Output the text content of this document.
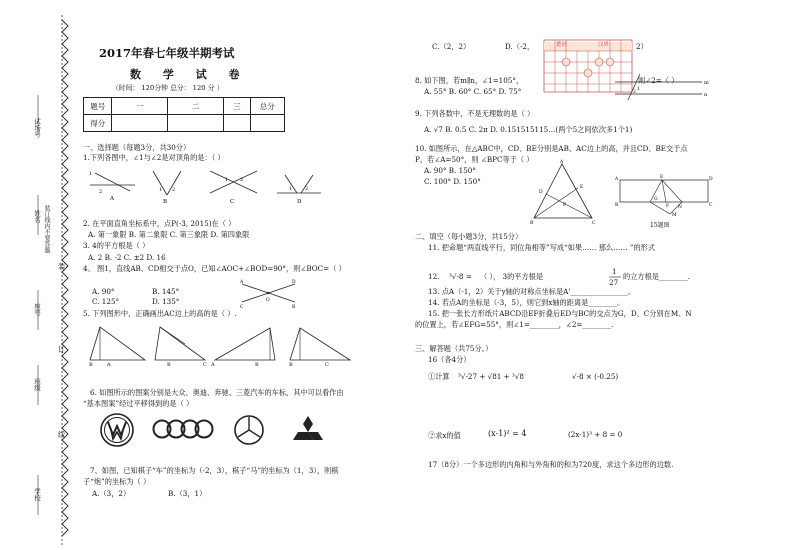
试场号
姓名 装订线内不要答题
座号
班级
学校
装
订
线
2017年春七年级半期考试
数 学 试 卷
（时间： 120分钟 总分： 120 分 ）
题号	一	二	三	总分
得分				
一、选择题（每题3分，共30分）
1.下列各图中，∠1与∠2是对顶角的是：（ ）
1
2
A
1 2
B
1 2
C
1	2
D
2. 在平面直角坐标系中，点P(-3, 2015)在（ ）
A. 第一象限 B. 第二象限 C. 第三象限 D. 第四象限
3. 4的平方根是（ ）
A. 2 B. -2 C. ±2 D. 16
4、 图1，直线AB、CD相交于点O，已知∠AOC+∠BOD=90°，则∠BOC=（ ）
A. 90°	B. 145°
C. 125°	D. 135°
A
B
C
D
O
5. 下列图形中，正确画出AC边上的高的是（ ）.
B	A	B	C A	B	B	C
6. 如图所示的图案分别是大众、奥迪、奔驰、三菱汽车的车标，其中可以看作由
“基本图案”经过平移得到的是（ ）
7、如图，已知棋子“车”的坐标为（-2，3），棋子“马”的坐标为（1，3），则棋
子“炮”的坐标为（ ）
A.（3，2）	B.（3，1）
C.（2，2）	D.（-2，	2）
楚河	汉界
8. 如下图，若m∥n，∠1=105°，
A. 55° B. 60° C. 65° D. 75°
则∠2=（ ）	m
n
1
2
9. 下列各数中，不是无理数的是（ ）
A. √7 B. 0.5 C. 2π D. 0.151515115…(两个5之间依次多1个1)
10. 如图所示，在△ABC中，CD、BE分别是AB、AC边上的高，并且CD、BE交于点
P，若∠A=50°，则 ∠BPC等于（ ）
A. 90° B. 150°
C. 100° D. 150°
A
B	C
D
E
P
A	D
B	C
E
F
G
M
N
15题图
二、填空（每小题3分，共15分）
11. 把命题“两直线平行，同位角相等”写成“如果…… 那么…… ”的形式
12. ³√-8 = （ ）， 3的平方根是
1
27
的立方根是________.
13. 点A（-1，2）关于y轴的对称点坐标是A'________________。
14. 若点A的坐标是（-3，5），则它到x轴的距离是________。
15. 把一张长方形纸片ABCD沿EF折叠后ED与BC的交点为G，D、C分别在M、N
的位置上，若∠EFG=55°，则∠1=________，∠2=________.
三、解答题（共75分。）
16（各4分）
①计算 ³√-27 + √81 + ³√8	√-8 × (-0.25)
②求x的值	(x-1)² = 4	(2x-1)³ + 8 = 0
17（8分）一个多边形的内角和与外角和的和为720度，求这个多边形的边数.
